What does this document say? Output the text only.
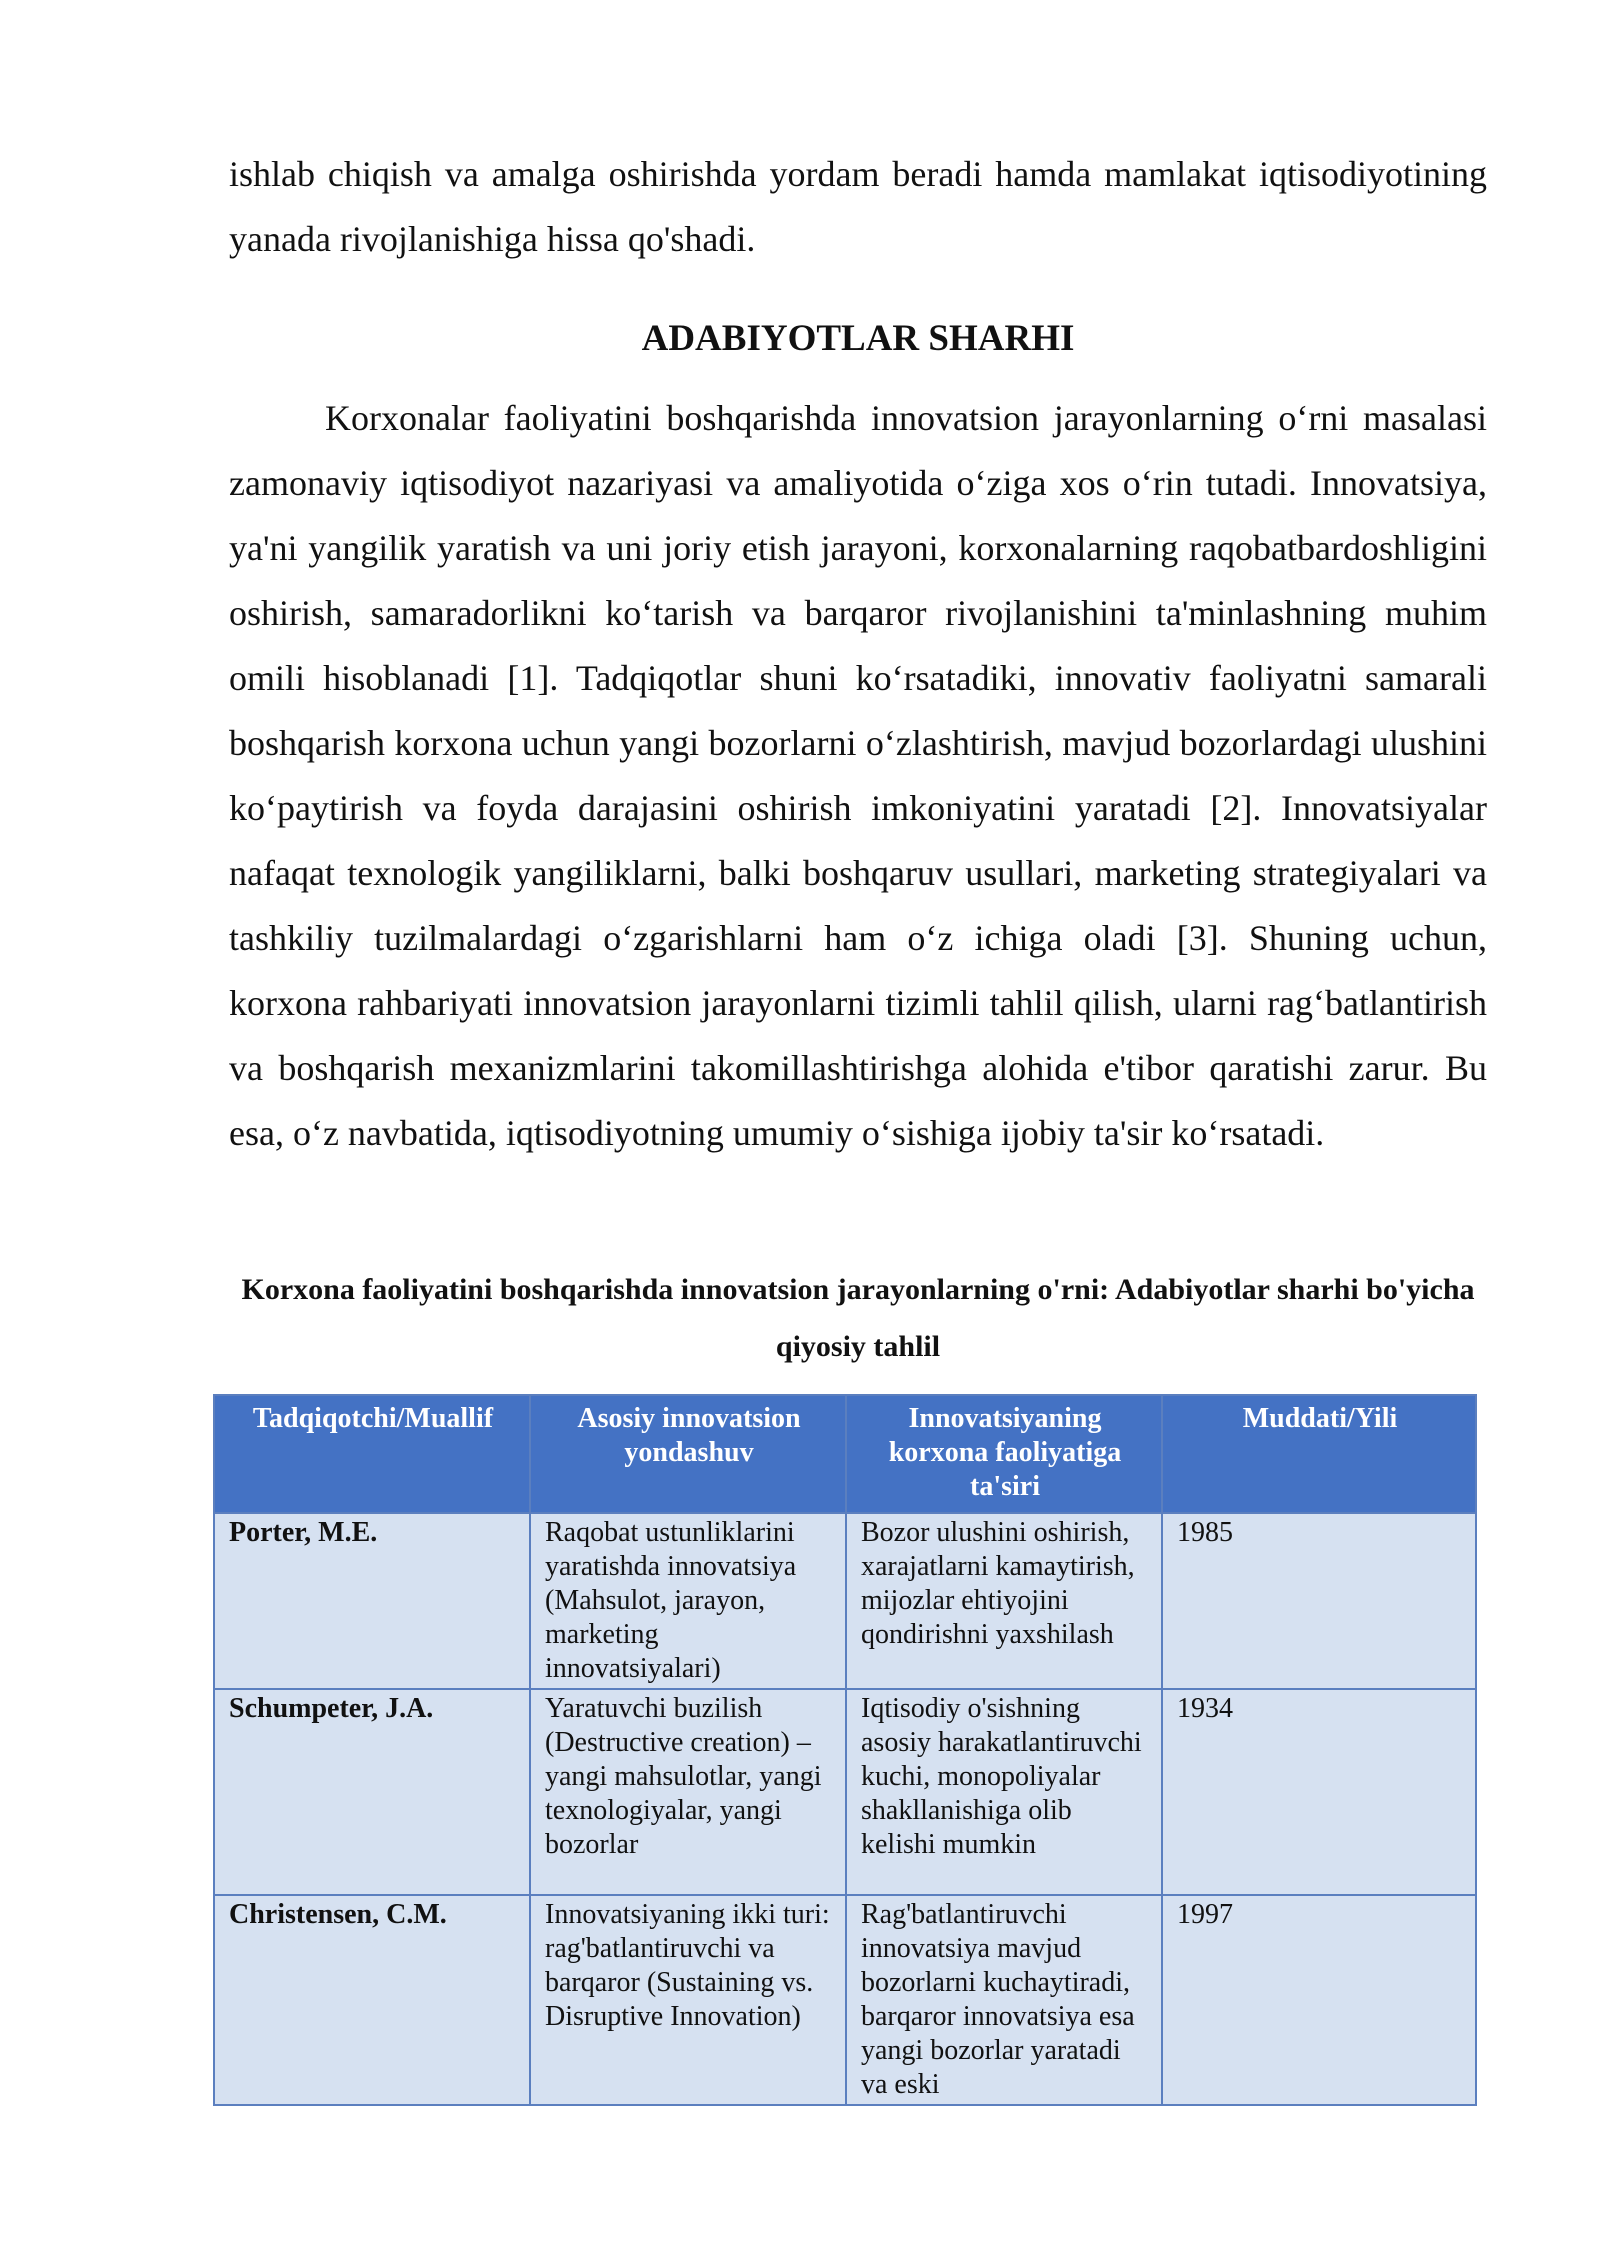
ishlab chiqish va amalga oshirishda yordam beradi hamda mamlakat iqtisodiyotining yanada rivojlanishiga hissa qo'shadi.
ADABIYOTLAR SHARHI
Korxonalar faoliyatini boshqarishda innovatsion jarayonlarning o‘rni masalasi zamonaviy iqtisodiyot nazariyasi va amaliyotida o‘ziga xos o‘rin tutadi. Innovatsiya, ya'ni yangilik yaratish va uni joriy etish jarayoni, korxonalarning raqobatbardoshligini oshirish, samaradorlikni ko‘tarish va barqaror rivojlanishini ta'minlashning muhim omili hisoblanadi [1]. Tadqiqotlar shuni ko‘rsatadiki, innovativ faoliyatni samarali boshqarish korxona uchun yangi bozorlarni o‘zlashtirish, mavjud bozorlardagi ulushini ko‘paytirish va foyda darajasini oshirish imkoniyatini yaratadi [2]. Innovatsiyalar nafaqat texnologik yangiliklarni, balki boshqaruv usullari, marketing strategiyalari va tashkiliy tuzilmalardagi o‘zgarishlarni ham o‘z ichiga oladi [3]. Shuning uchun, korxona rahbariyati innovatsion jarayonlarni tizimli tahlil qilish, ularni rag‘batlantirish va boshqarish mexanizmlarini takomillashtirishga alohida e'tibor qaratishi zarur. Bu esa, o‘z navbatida, iqtisodiyotning umumiy o‘sishiga ijobiy ta'sir ko‘rsatadi.
Korxona faoliyatini boshqarishda innovatsion jarayonlarning o'rni: Adabiyotlar sharhi bo'yicha qiyosiy tahlil
Tadqiqotchi/Muallif	Asosiy innovatsion yondashuv	Innovatsiyaning korxona faoliyatiga ta'siri	Muddati/Yili
Porter, M.E.	Raqobat ustunliklarini yaratishda innovatsiya (Mahsulot, jarayon, marketing innovatsiyalari)	Bozor ulushini oshirish, xarajatlarni kamaytirish, mijozlar ehtiyojini qondirishni yaxshilash	1985
Schumpeter, J.A.	Yaratuvchi buzilish (Destructive creation) – yangi mahsulotlar, yangi texnologiyalar, yangi bozorlar	Iqtisodiy o'sishning asosiy harakatlantiruvchi kuchi, monopoliyalar shakllanishiga olib kelishi mumkin	1934
Christensen, C.M.	Innovatsiyaning ikki turi: rag'batlantiruvchi va barqaror (Sustaining vs. Disruptive Innovation)	Rag'batlantiruvchi innovatsiya mavjud bozorlarni kuchaytiradi, barqaror innovatsiya esa yangi bozorlar yaratadi va eski	1997
